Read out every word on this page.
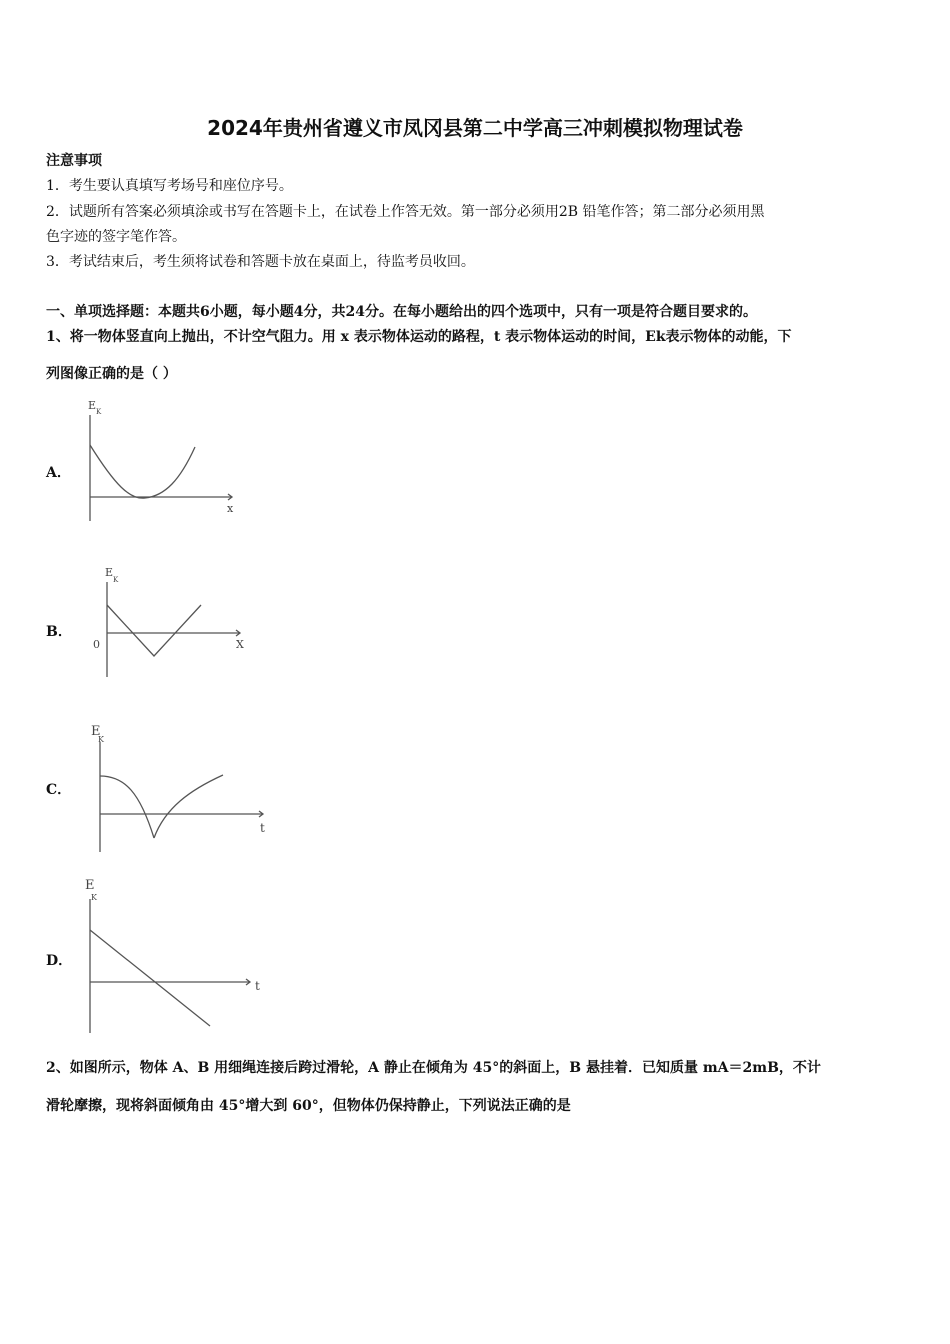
2024年贵州省遵义市凤冈县第二中学高三冲刺模拟物理试卷
注意事项
1．考生要认真填写考场号和座位序号。
2．试题所有答案必须填涂或书写在答题卡上，在试卷上作答无效。第一部分必须用2B 铅笔作答；第二部分必须用黑
色字迹的签字笔作答。
3．考试结束后，考生须将试卷和答题卡放在桌面上，待监考员收回。
一、单项选择题：本题共6小题，每小题4分，共24分。在每小题给出的四个选项中，只有一项是符合题目要求的。
1、将一物体竖直向上抛出，不计空气阻力。用 x 表示物体运动的路程，t 表示物体运动的时间，Ek表示物体的动能，下
列图像正确的是（ ）
A．
E K
x
B．
E
K
0	X
C．
E
K
t
D．
E
K
t
2、如图所示，物体 A、B 用细绳连接后跨过滑轮，A 静止在倾角为 45°的斜面上，B 悬挂着．已知质量 mA＝2mB，不计
滑轮摩擦，现将斜面倾角由 45°增大到 60°，但物体仍保持静止，下列说法正确的是
